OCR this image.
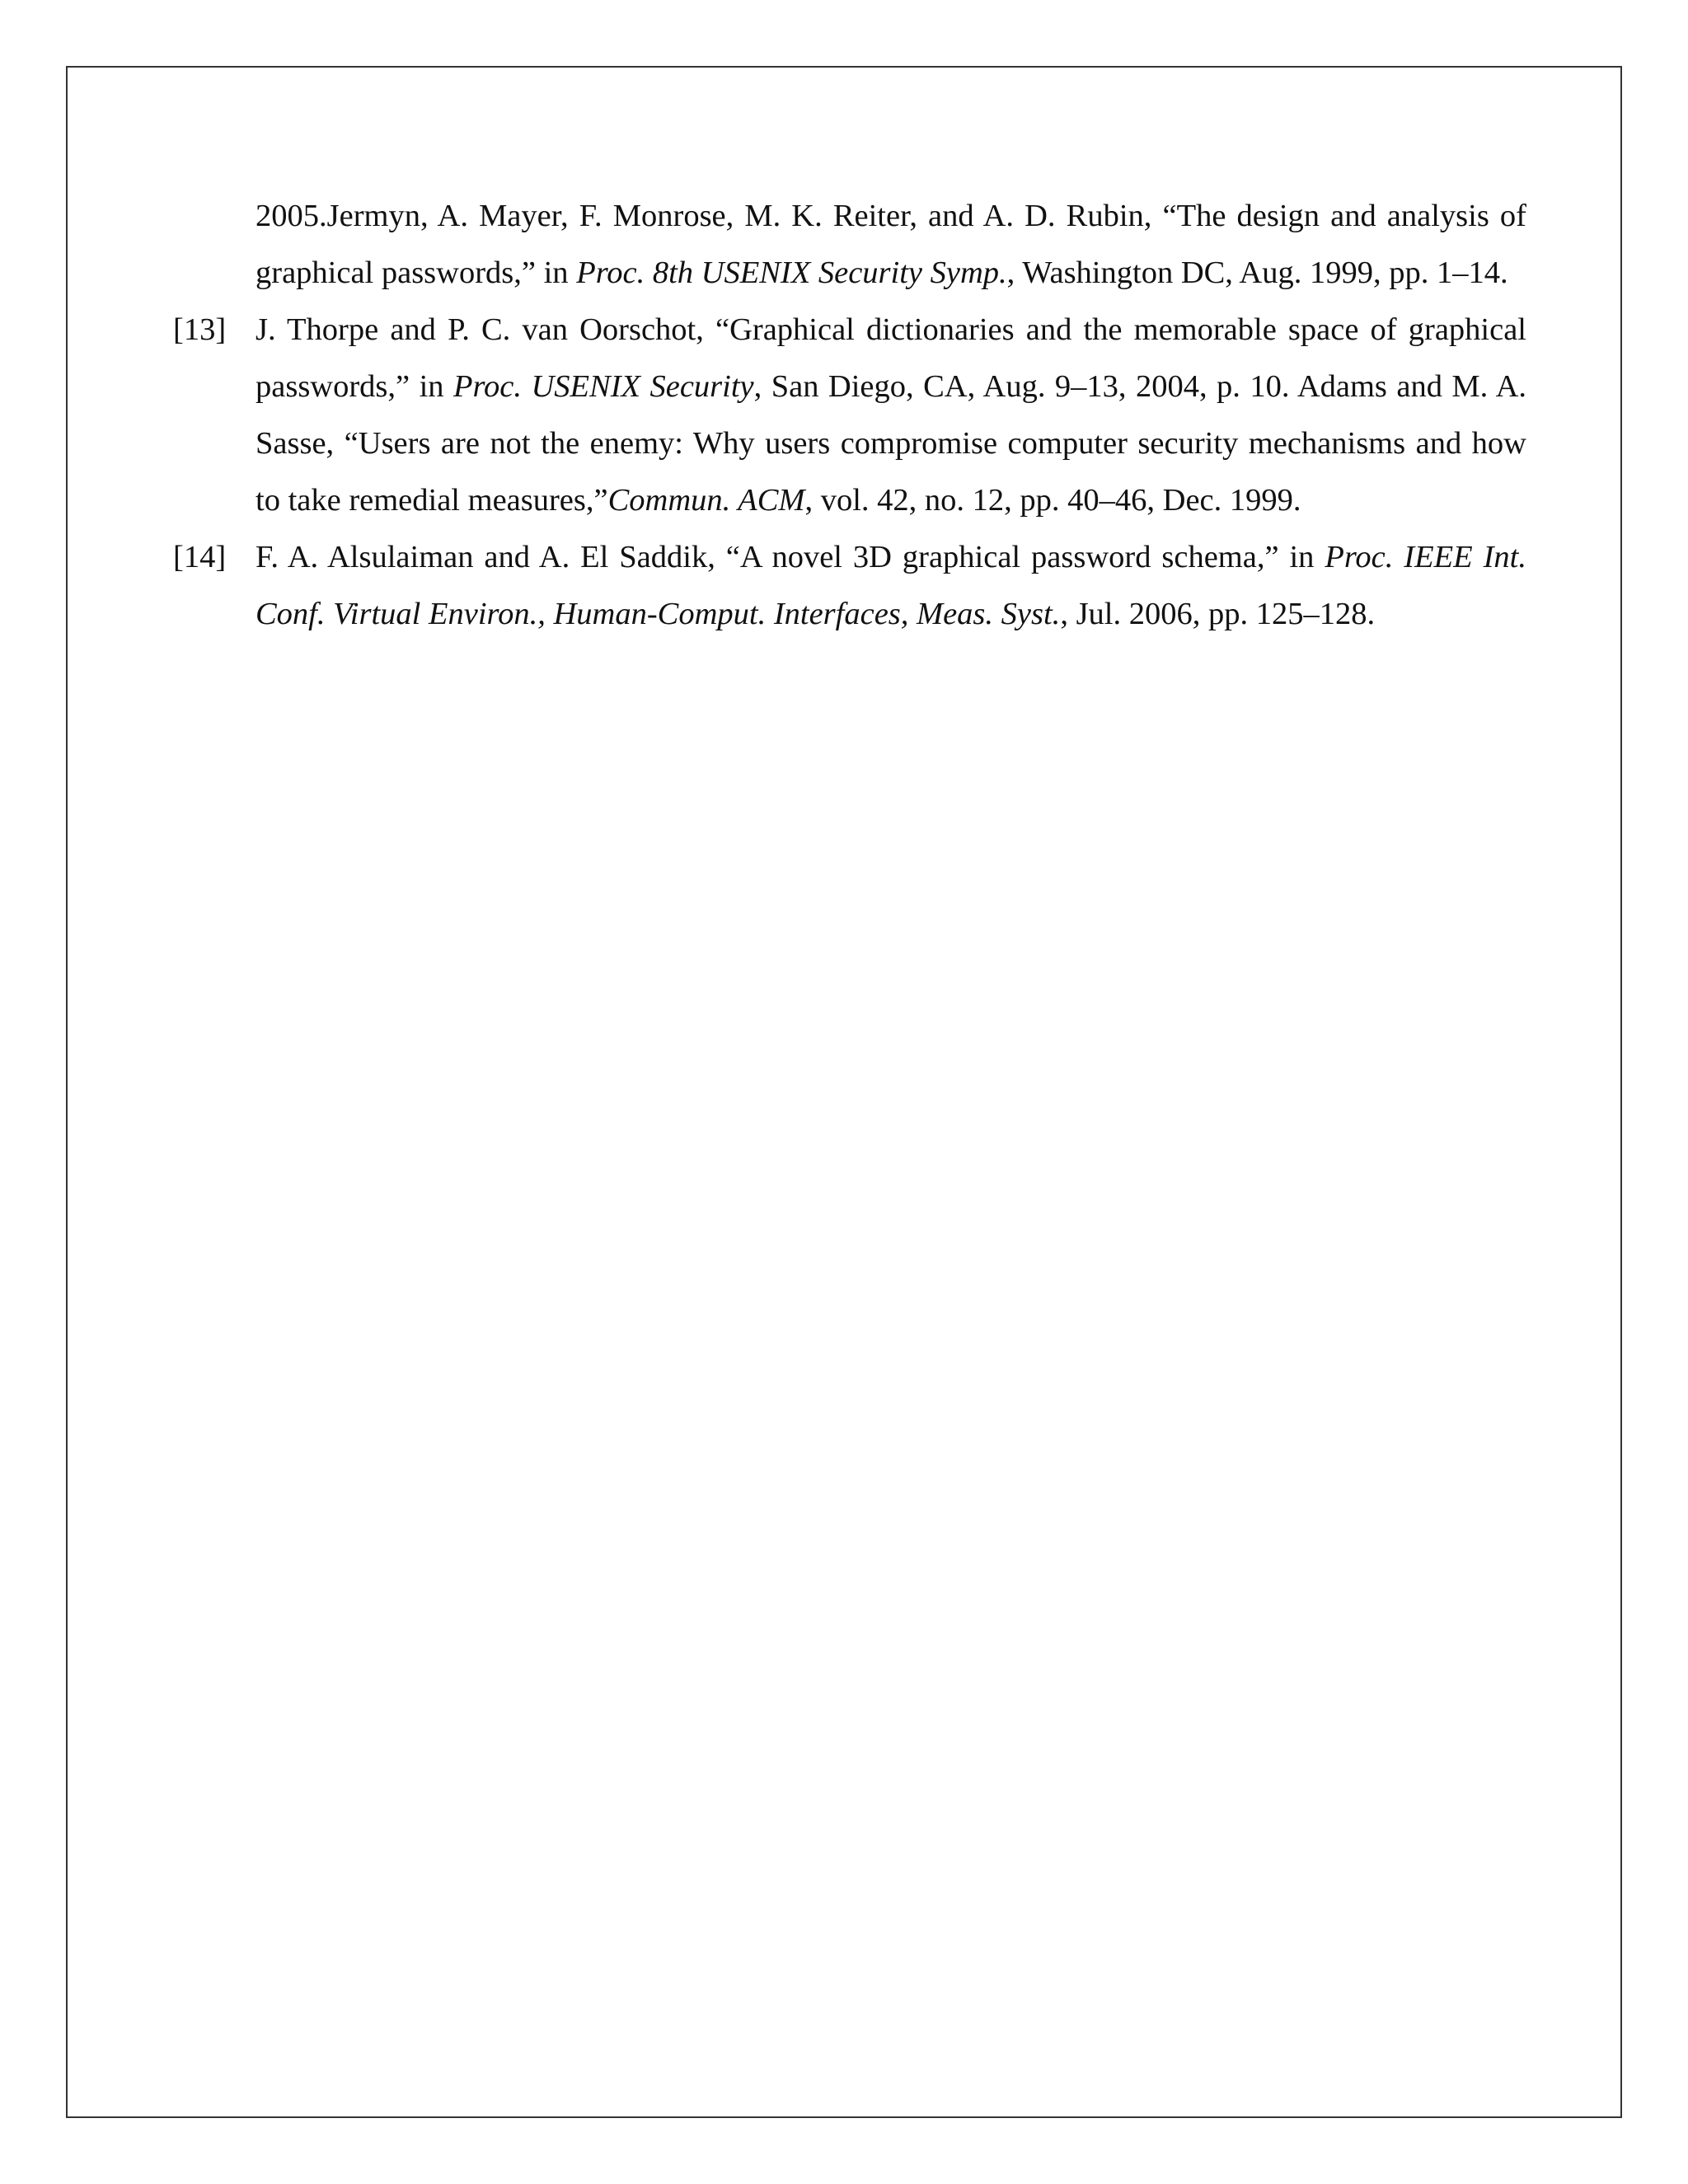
2005.Jermyn, A. Mayer, F. Monrose, M. K. Reiter, and A. D. Rubin, “The design and analysis of graphical passwords,” in Proc. 8th USENIX Security Symp., Washington DC, Aug. 1999, pp. 1–14.
[13] J. Thorpe and P. C. van Oorschot, “Graphical dictionaries and the memorable space of graphical passwords,” in Proc. USENIX Security, San Diego, CA, Aug. 9–13, 2004, p. 10. Adams and M. A. Sasse, “Users are not the enemy: Why users compromise computer security mechanisms and how to take remedial measures,”Commun. ACM, vol. 42, no. 12, pp. 40–46, Dec. 1999.
[14] F. A. Alsulaiman and A. El Saddik, “A novel 3D graphical password schema,” in Proc. IEEE Int. Conf. Virtual Environ., Human-Comput. Interfaces, Meas. Syst., Jul. 2006, pp. 125–128.
